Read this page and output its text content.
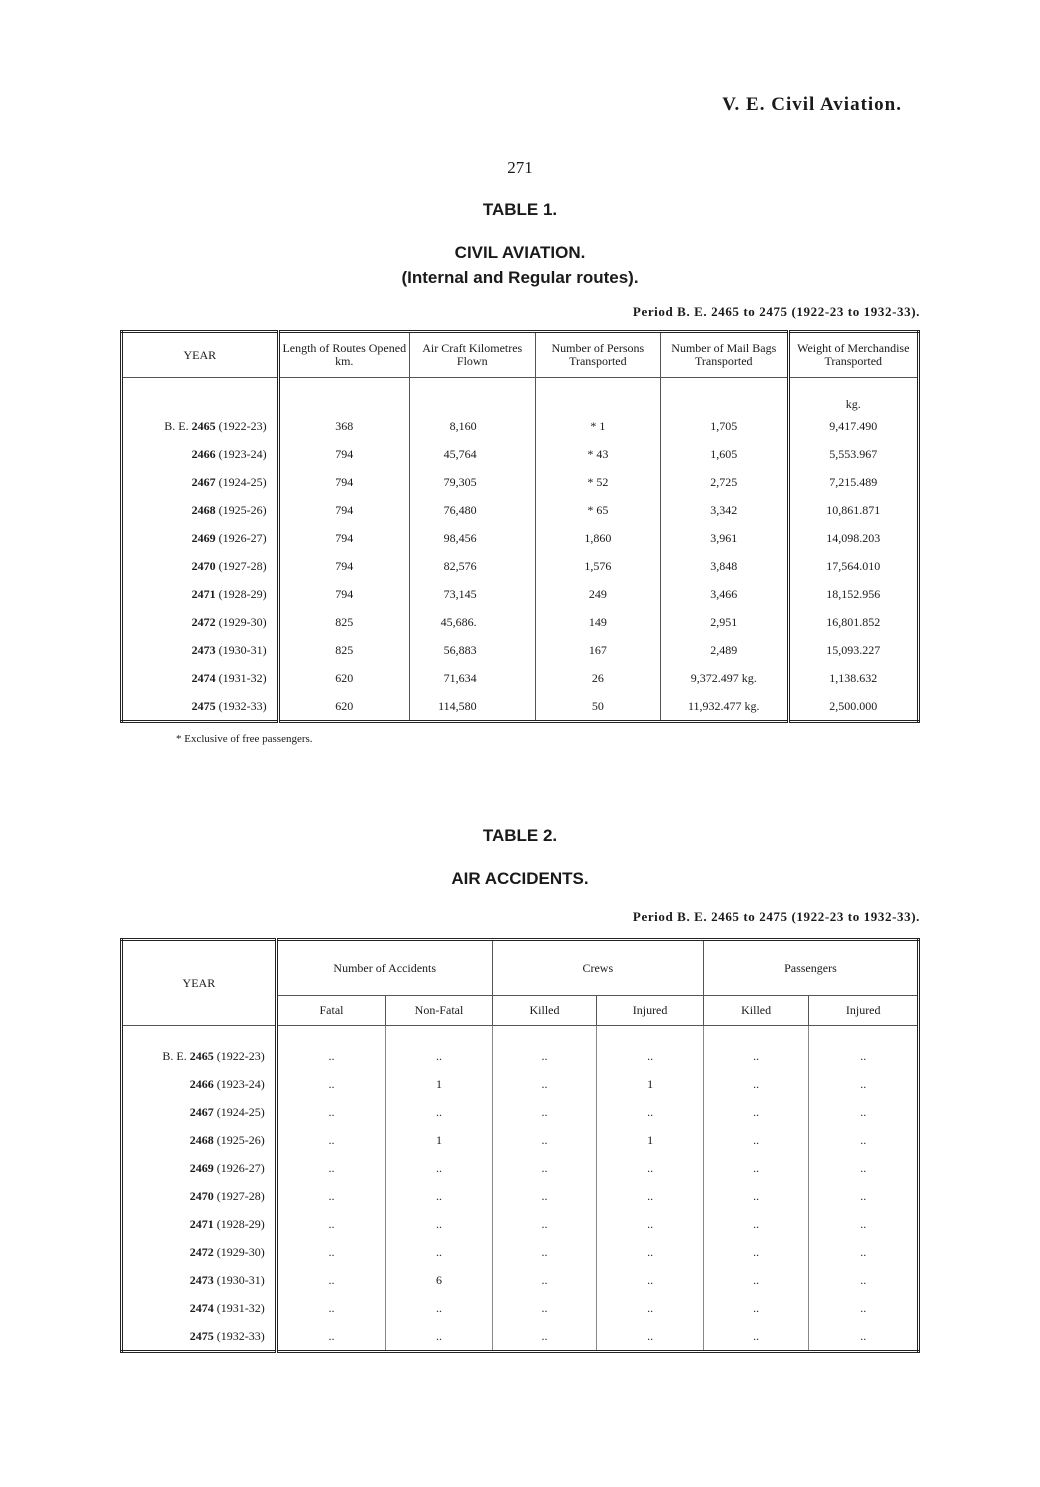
V. E. Civil Aviation.
271
TABLE 1.
CIVIL AVIATION.
(Internal and Regular routes).
Period B. E. 2465 to 2475 (1922-23 to 1932-33).
YEAR	Length of Routes Opened km.	Air Craft Kilometres Flown	Number of Persons Transported	Number of Mail Bags Transported	Weight of Merchandise Transported
					kg.
B. E. 2465 (1922-23)	368	8,160	* 1	1,705	9,417.490
2466 (1923-24)	794	45,764	* 43	1,605	5,553.967
2467 (1924-25)	794	79,305	* 52	2,725	7,215.489
2468 (1925-26)	794	76,480	* 65	3,342	10,861.871
2469 (1926-27)	794	98,456	1,860	3,961	14,098.203
2470 (1927-28)	794	82,576	1,576	3,848	17,564.010
2471 (1928-29)	794	73,145	249	3,466	18,152.956
2472 (1929-30)	825	45,686.	149	2,951	16,801.852
2473 (1930-31)	825	56,883	167	2,489	15,093.227
2474 (1931-32)	620	71,634	26	9,372.497 kg.	1,138.632
2475 (1932-33)	620	114,580	50	11,932.477 kg.	2,500.000
* Exclusive of free passengers.
TABLE 2.
AIR ACCIDENTS.
Period B. E. 2465 to 2475 (1922-23 to 1932-33).
YEAR	Number of Accidents		Crews		Passengers	
	Fatal	Non-Fatal	Killed	Injured	Killed	Injured

B. E. 2465 (1922-23)	..	..	..	..	..	..
2466 (1923-24)	..	1	..	1	..	..
2467 (1924-25)	..	..	..	..	..	..
2468 (1925-26)	..	1	..	1	..	..
2469 (1926-27)	..	..	..	..	..	..
2470 (1927-28)	..	..	..	..	..	..
2471 (1928-29)	..	..	..	..	..	..
2472 (1929-30)	..	..	..	..	..	..
2473 (1930-31)	..	6	..	..	..	..
2474 (1931-32)	..	..	..	..	..	..
2475 (1932-33)	..	..	..	..	..	..
